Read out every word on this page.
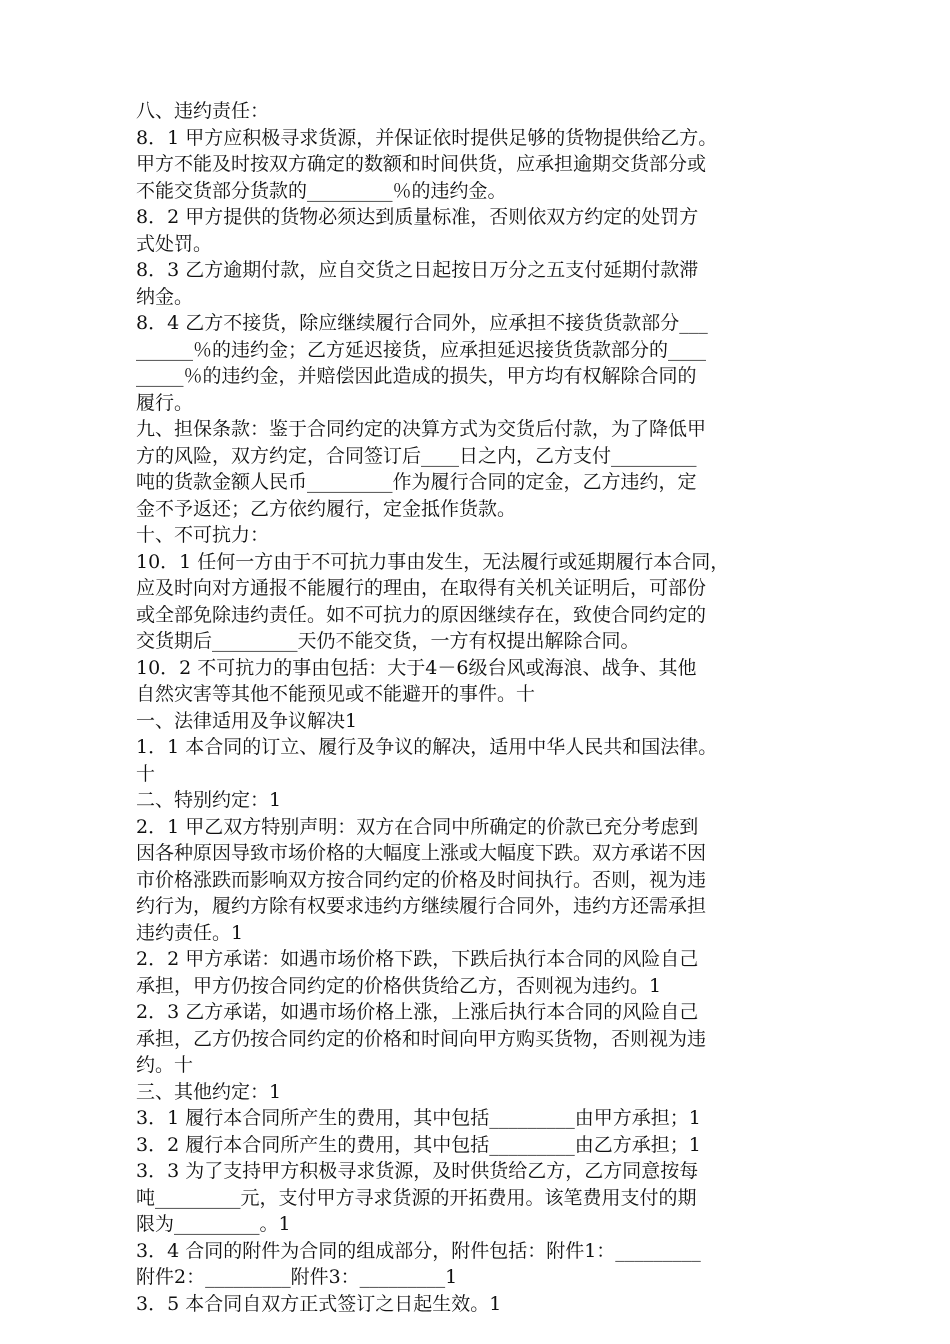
八、违约责任：
8．1 甲方应积极寻求货源，并保证依时提供足够的货物提供给乙方。
甲方不能及时按双方确定的数额和时间供货，应承担逾期交货部分或
不能交货部分货款的_________％的违约金。
8．2 甲方提供的货物必须达到质量标准，否则依双方约定的处罚方
式处罚。
8．3 乙方逾期付款，应自交货之日起按日万分之五支付延期付款滞
纳金。
8．4 乙方不接货，除应继续履行合同外，应承担不接货货款部分___
______％的违约金；乙方延迟接货，应承担延迟接货货款部分的____
_____％的违约金，并赔偿因此造成的损失，甲方均有权解除合同的
履行。
九、担保条款：鉴于合同约定的决算方式为交货后付款，为了降低甲
方的风险，双方约定，合同签订后____日之内，乙方支付_________
吨的货款金额人民币_________作为履行合同的定金，乙方违约，定
金不予返还；乙方依约履行，定金抵作货款。
十、不可抗力：
10．1 任何一方由于不可抗力事由发生，无法履行或延期履行本合同，
应及时向对方通报不能履行的理由，在取得有关机关证明后，可部份
或全部免除违约责任。如不可抗力的原因继续存在，致使合同约定的
交货期后_________天仍不能交货，一方有权提出解除合同。
10．2 不可抗力的事由包括：大于4－6级台风或海浪、战争、其他
自然灾害等其他不能预见或不能避开的事件。十
一、法律适用及争议解决1
1．1 本合同的订立、履行及争议的解决，适用中华人民共和国法律。
十
二、特别约定：1
2．1 甲乙双方特别声明：双方在合同中所确定的价款已充分考虑到
因各种原因导致市场价格的大幅度上涨或大幅度下跌。双方承诺不因
市价格涨跌而影响双方按合同约定的价格及时间执行。否则，视为违
约行为，履约方除有权要求违约方继续履行合同外，违约方还需承担
违约责任。1
2．2 甲方承诺：如遇市场价格下跌，下跌后执行本合同的风险自己
承担，甲方仍按合同约定的价格供货给乙方，否则视为违约。1
2．3 乙方承诺，如遇市场价格上涨，上涨后执行本合同的风险自己
承担，乙方仍按合同约定的价格和时间向甲方购买货物，否则视为违
约。十
三、其他约定：1
3．1 履行本合同所产生的费用，其中包括_________由甲方承担；1
3．2 履行本合同所产生的费用，其中包括_________由乙方承担；1
3．3 为了支持甲方积极寻求货源，及时供货给乙方，乙方同意按每
吨_________元，支付甲方寻求货源的开拓费用。该笔费用支付的期
限为_________。1
3．4 合同的附件为合同的组成部分，附件包括：附件1：_________
附件2：_________附件3：_________1
3．5 本合同自双方正式签订之日起生效。1
